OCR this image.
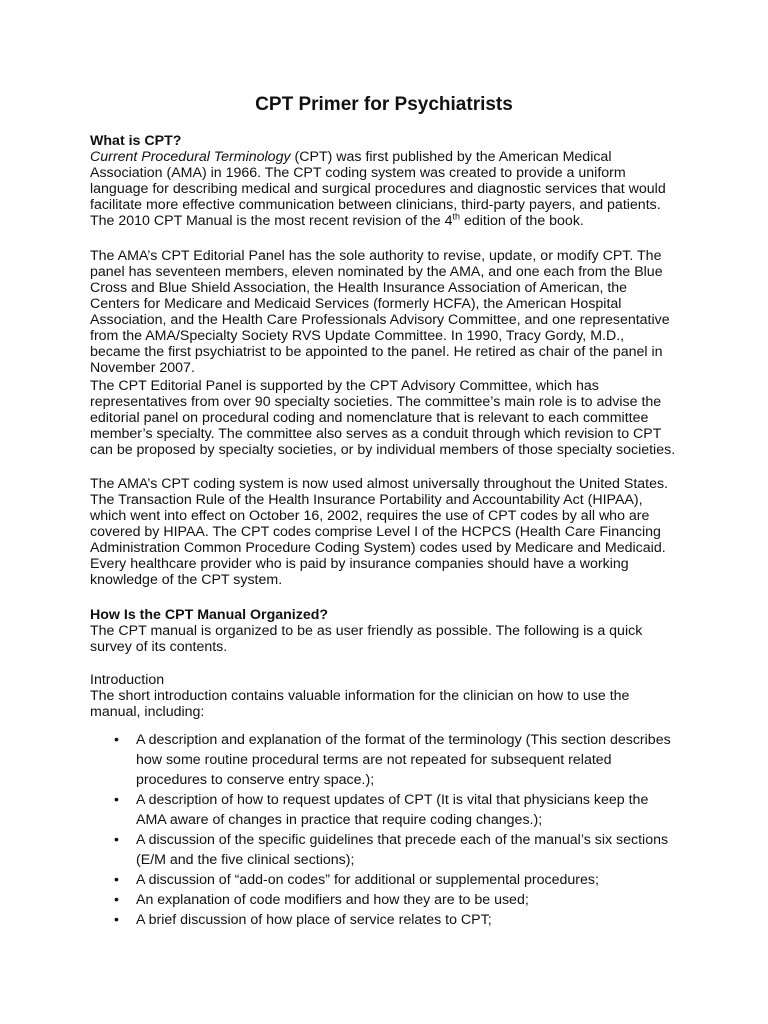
CPT Primer for Psychiatrists
What is CPT?
Current Procedural Terminology (CPT) was first published by the American Medical Association (AMA) in 1966. The CPT coding system was created to provide a uniform language for describing medical and surgical procedures and diagnostic services that would facilitate more effective communication between clinicians, third-party payers, and patients. The 2010 CPT Manual is the most recent revision of the 4th edition of the book.

The AMA’s CPT Editorial Panel has the sole authority to revise, update, or modify CPT. The panel has seventeen members, eleven nominated by the AMA, and one each from the Blue Cross and Blue Shield Association, the Health Insurance Association of American, the Centers for Medicare and Medicaid Services (formerly HCFA), the American Hospital Association, and the Health Care Professionals Advisory Committee, and one representative from the AMA/Specialty Society RVS Update Committee. In 1990, Tracy Gordy, M.D., became the first psychiatrist to be appointed to the panel. He retired as chair of the panel in November 2007.

The CPT Editorial Panel is supported by the CPT Advisory Committee, which has representatives from over 90 specialty societies. The committee’s main role is to advise the editorial panel on procedural coding and nomenclature that is relevant to each committee member’s specialty. The committee also serves as a conduit through which revision to CPT can be proposed by specialty societies, or by individual members of those specialty societies.

The AMA’s CPT coding system is now used almost universally throughout the United States. The Transaction Rule of the Health Insurance Portability and Accountability Act (HIPAA), which went into effect on October 16, 2002, requires the use of CPT codes by all who are covered by HIPAA. The CPT codes comprise Level I of the HCPCS (Health Care Financing Administration Common Procedure Coding System) codes used by Medicare and Medicaid. Every healthcare provider who is paid by insurance companies should have a working knowledge of the CPT system.

How Is the CPT Manual Organized?
The CPT manual is organized to be as user friendly as possible. The following is a quick survey of its contents.
Introduction
The short introduction contains valuable information for the clinician on how to use the manual, including:
• A description and explanation of the format of the terminology (This section describes how some routine procedural terms are not repeated for subsequent related procedures to conserve entry space.);
• A description of how to request updates of CPT (It is vital that physicians keep the AMA aware of changes in practice that require coding changes.);
• A discussion of the specific guidelines that precede each of the manual’s six sections (E/M and the five clinical sections);
• A discussion of “add-on codes” for additional or supplemental procedures;
• An explanation of code modifiers and how they are to be used;
• A brief discussion of how place of service relates to CPT;
